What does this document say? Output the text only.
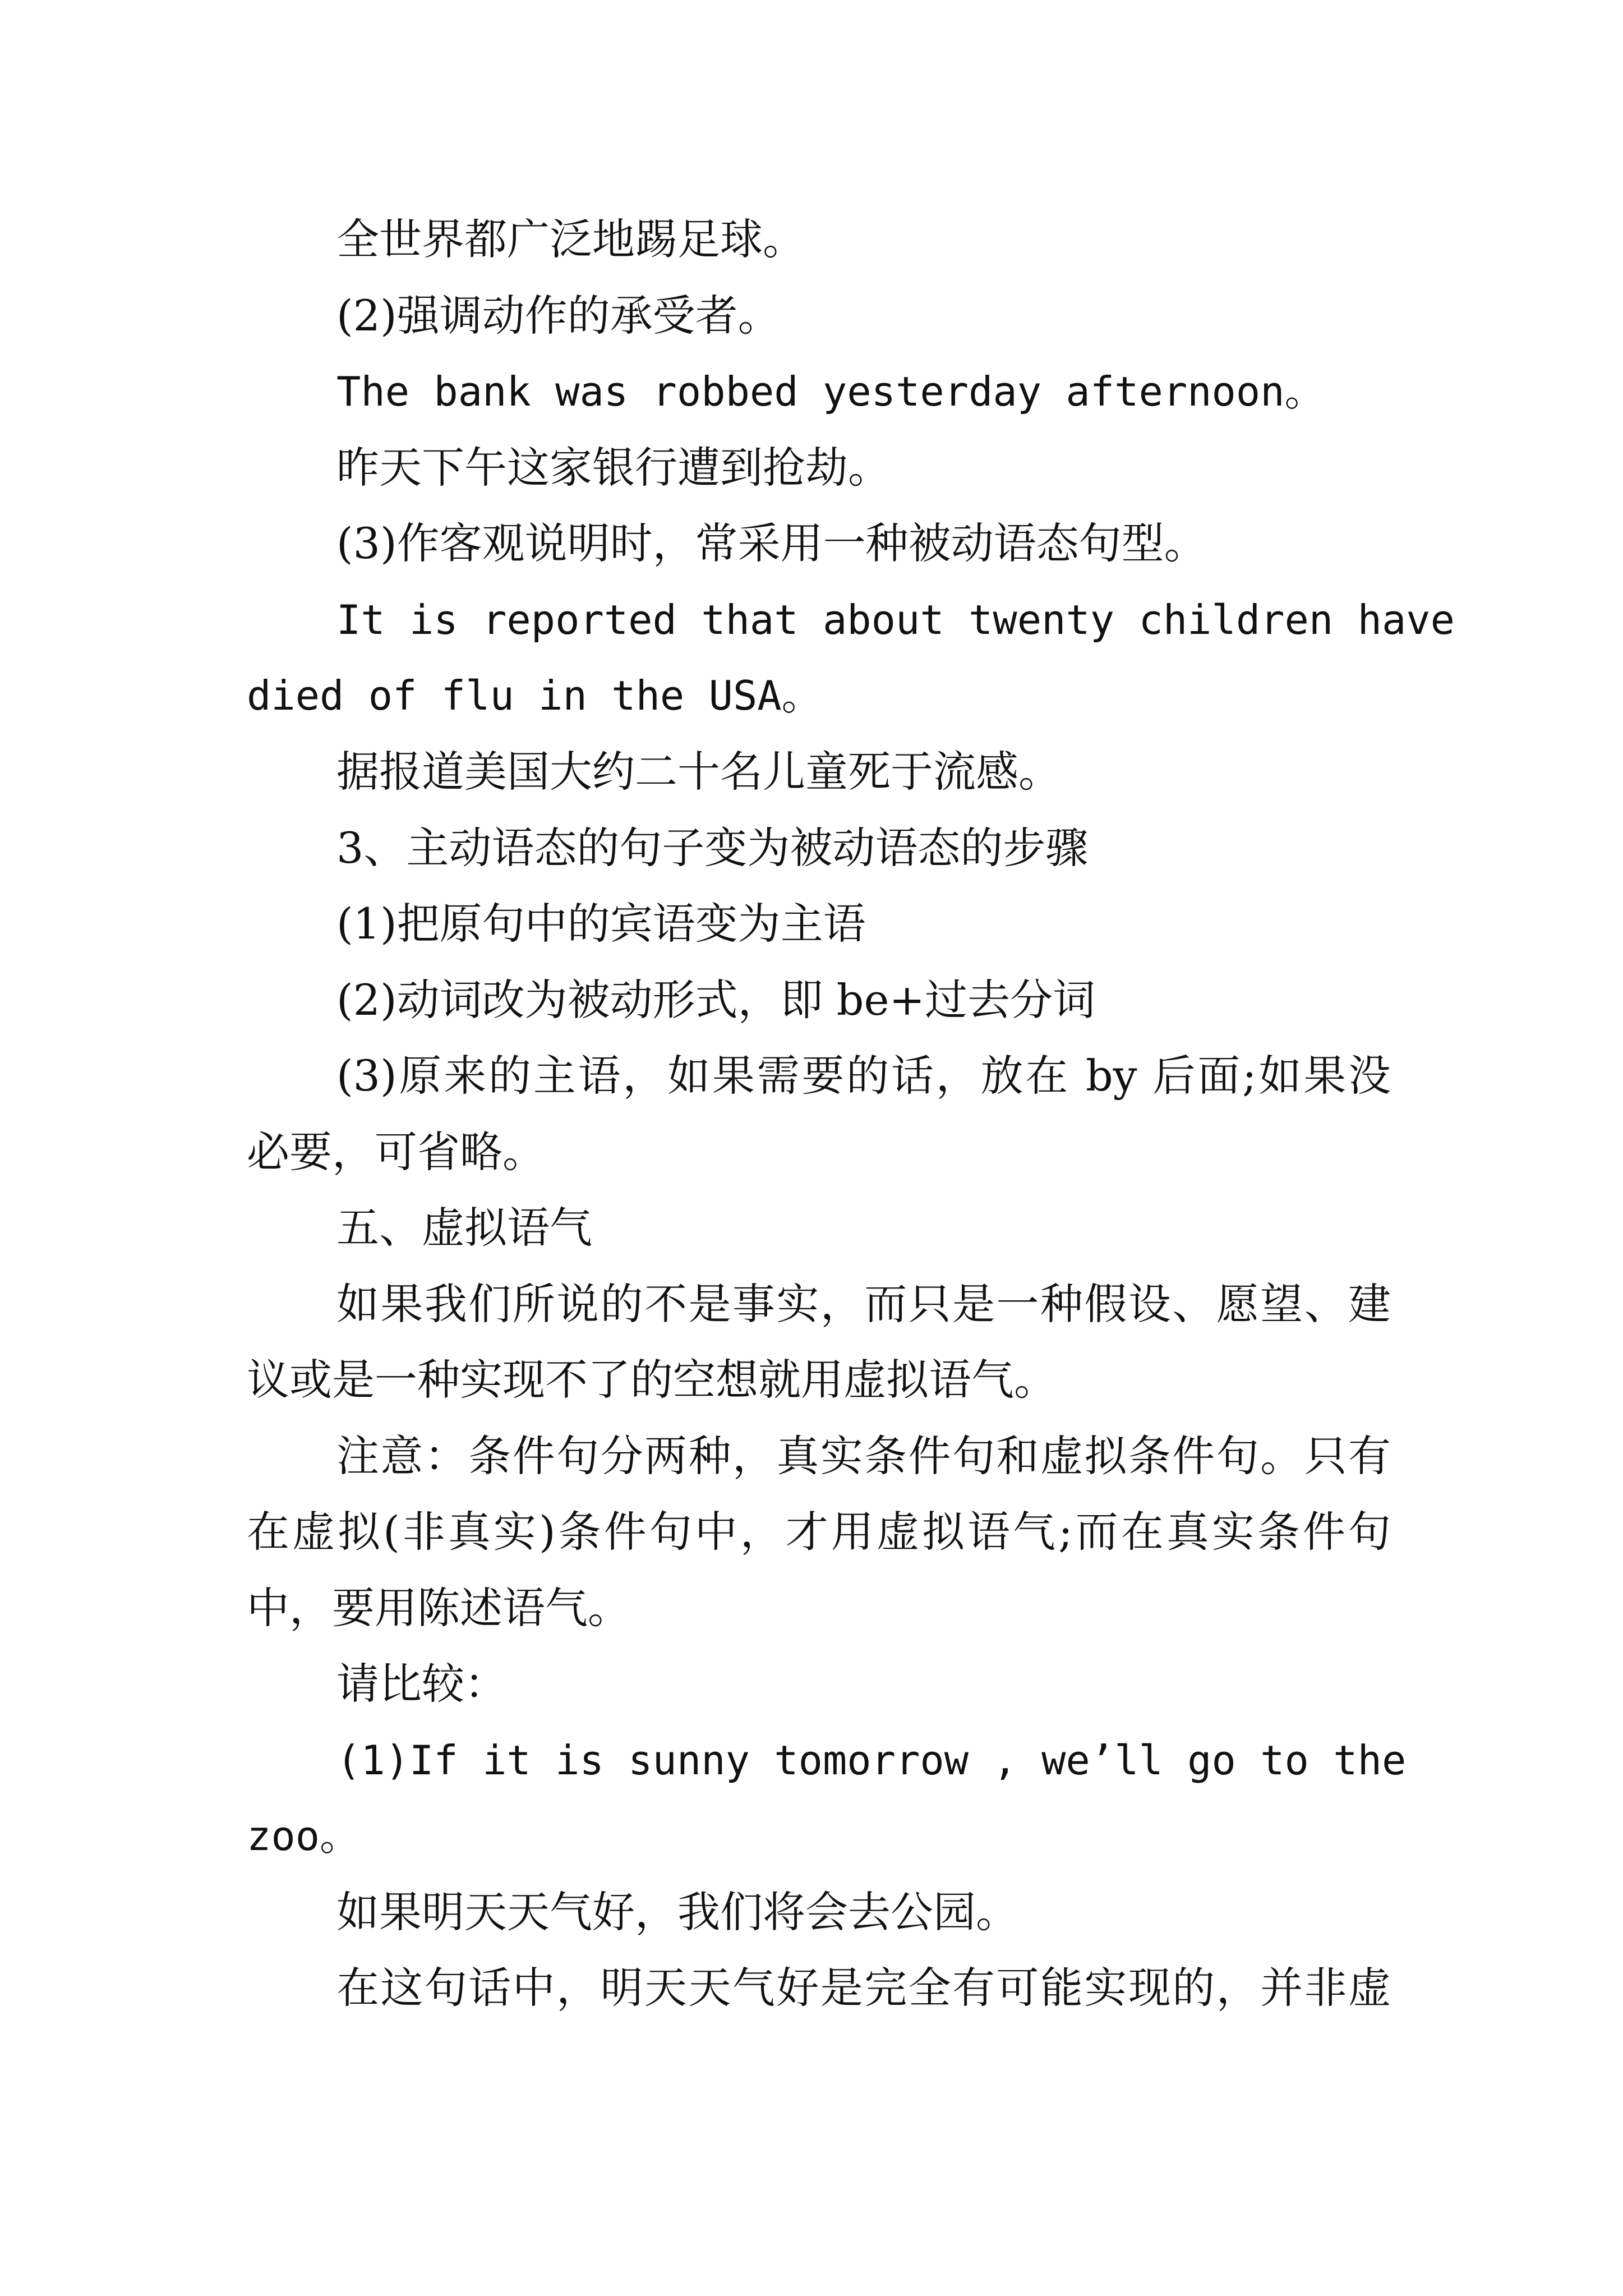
全世界都广泛地踢足球。
(2)强调动作的承受者。
The bank was robbed yesterday afternoon。
昨天下午这家银行遭到抢劫。
(3)作客观说明时，常采用一种被动语态句型。
It is reported that about twenty children have
died of flu in the USA。
据报道美国大约二十名儿童死于流感。
3、主动语态的句子变为被动语态的步骤
(1)把原句中的宾语变为主语
(2)动词改为被动形式，即 be+过去分词
(3)原来的主语，如果需要的话，放在 by 后面;如果没
必要，可省略。
五、虚拟语气
如果我们所说的不是事实，而只是一种假设、愿望、建
议或是一种实现不了的空想就用虚拟语气。
注意：条件句分两种，真实条件句和虚拟条件句。只有
在虚拟(非真实)条件句中，才用虚拟语气;而在真实条件句
中，要用陈述语气。
请比较：
(1)If it is sunny tomorrow , we’ll go to the
zoo。
如果明天天气好，我们将会去公园。
在这句话中，明天天气好是完全有可能实现的，并非虚
